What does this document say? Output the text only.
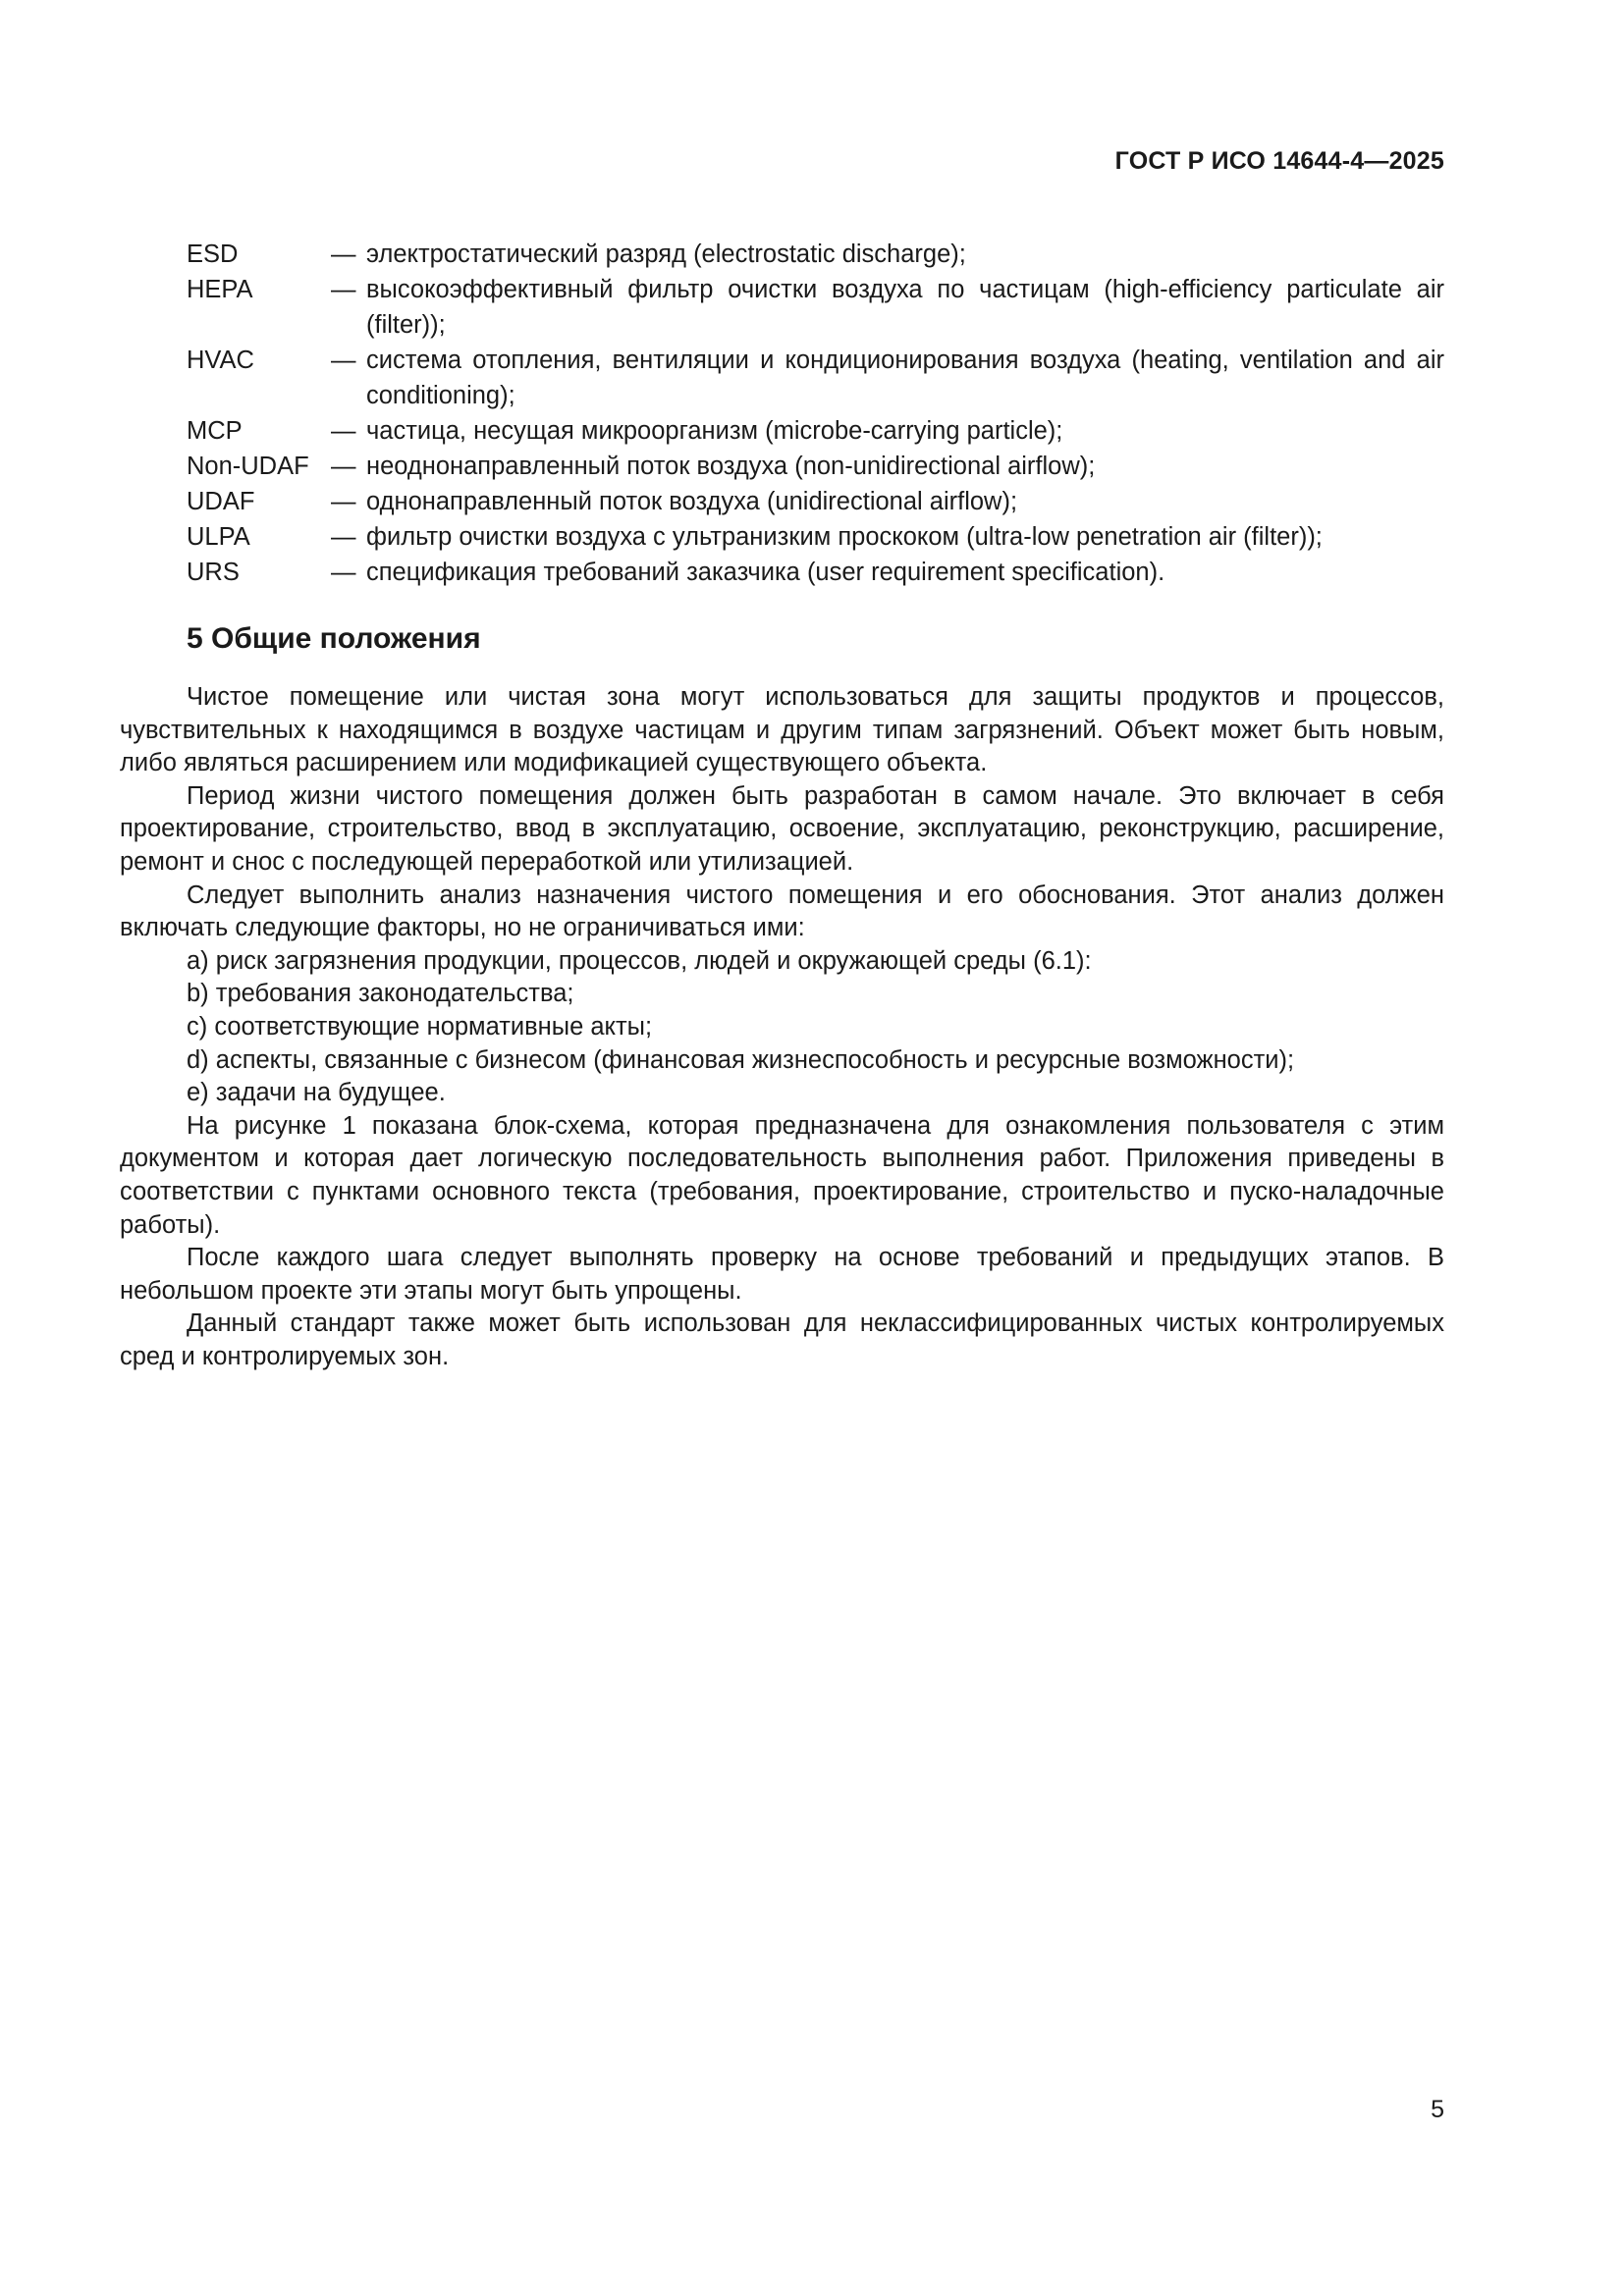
ГОСТ Р ИСО 14644-4—2025
ESD	— электростатический разряд (electrostatic discharge);
HEPA	— высокоэффективный фильтр очистки воздуха по частицам (high-efficiency particulate air (filter));
HVAC	— система отопления, вентиляции и кондиционирования воздуха (heating, ventilation and air conditioning);
MCP	— частица, несущая микроорганизм (microbe-carrying particle);
Non-UDAF — неоднонаправленный поток воздуха (non-unidirectional airflow);
UDAF	— однонаправленный поток воздуха (unidirectional airflow);
ULPA	— фильтр очистки воздуха с ультранизким проскоком (ultra-low penetration air (filter));
URS	— спецификация требований заказчика (user requirement specification).
5 Общие положения

Чистое помещение или чистая зона могут использоваться для защиты продуктов и процессов, чувствительных к находящимся в воздухе частицам и другим типам загрязнений. Объект может быть новым, либо являться расширением или модификацией существующего объекта.

Период жизни чистого помещения должен быть разработан в самом начале. Это включает в себя проектирование, строительство, ввод в эксплуатацию, освоение, эксплуатацию, реконструкцию, расширение, ремонт и снос с последующей переработкой или утилизацией.

Следует выполнить анализ назначения чистого помещения и его обоснования. Этот анализ должен включать следующие факторы, но не ограничиваться ими:

a) риск загрязнения продукции, процессов, людей и окружающей среды (6.1):

b) требования законодательства;

c) соответствующие нормативные акты;

d) аспекты, связанные с бизнесом (финансовая жизнеспособность и ресурсные возможности);

e) задачи на будущее.

На рисунке 1 показана блок-схема, которая предназначена для ознакомления пользователя с этим документом и которая дает логическую последовательность выполнения работ. Приложения приведены в соответствии с пунктами основного текста (требования, проектирование, строительство и пуско-наладочные работы).

После каждого шага следует выполнять проверку на основе требований и предыдущих этапов. В небольшом проекте эти этапы могут быть упрощены.

Данный стандарт также может быть использован для неклассифицированных чистых контролируемых сред и контролируемых зон.

5
